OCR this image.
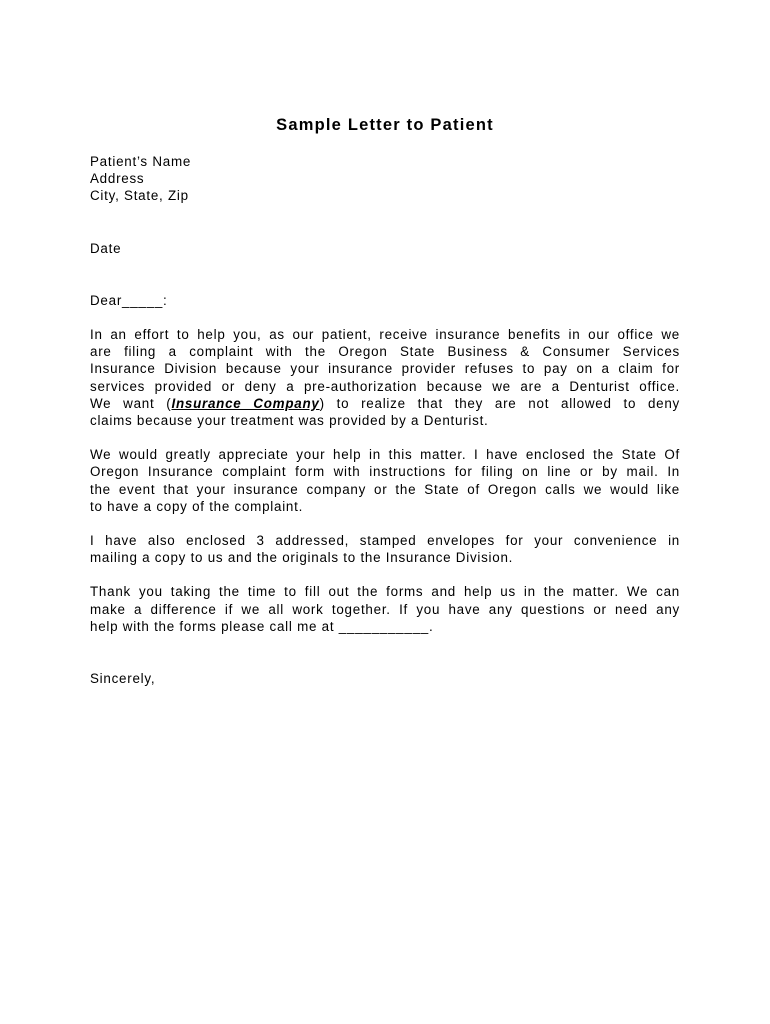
Sample Letter to Patient
Patient’s Name
Address
City, State, Zip
Date
Dear_____:
In an effort to help you, as our patient, receive insurance benefits in our office we
are filing a complaint with the Oregon State Business & Consumer Services
Insurance Division because your insurance provider refuses to pay on a claim for
services provided or deny a pre-authorization because we are a Denturist office.
We want (Insurance Company) to realize that they are not allowed to deny
claims because your treatment was provided by a Denturist.
We would greatly appreciate your help in this matter. I have enclosed the State Of
Oregon Insurance complaint form with instructions for filing on line or by mail. In
the event that your insurance company or the State of Oregon calls we would like
to have a copy of the complaint.
I have also enclosed 3 addressed, stamped envelopes for your convenience in
mailing a copy to us and the originals to the Insurance Division.
Thank you taking the time to fill out the forms and help us in the matter. We can
make a difference if we all work together. If you have any questions or need any
help with the forms please call me at ___________.
Sincerely,
